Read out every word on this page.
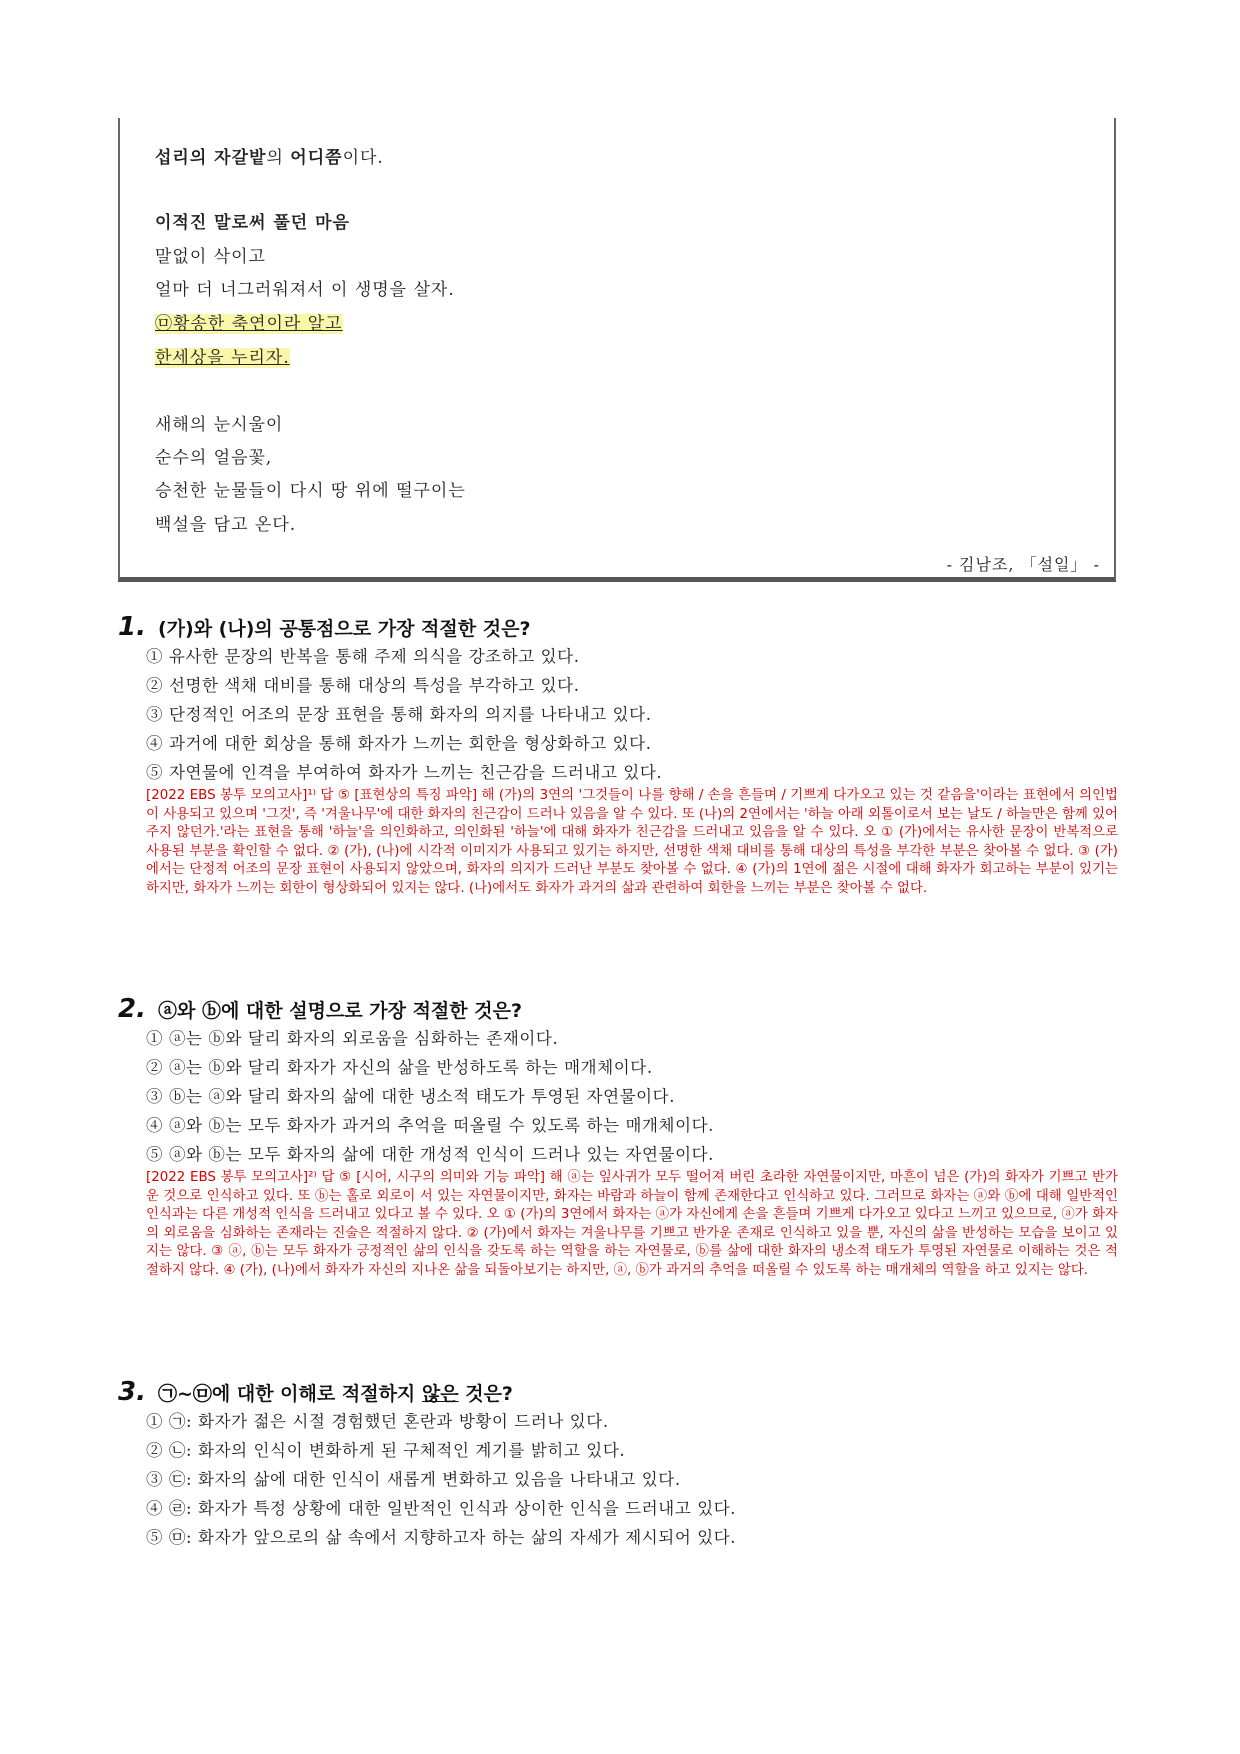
섭리의 자갈밭의 어디쯤이다.
이적진 말로써 풀던 마음
말없이 삭이고
얼마 더 너그러워져서 이 생명을 살자.
㉤황송한 축연이라 알고
한세상을 누리자.
새해의 눈시울이
순수의 얼음꽃,
승천한 눈물들이 다시 땅 위에 떨구이는
백설을 담고 온다.
- 김남조, 「설일」 -
1. (가)와 (나)의 공통점으로 가장 적절한 것은?
① 유사한 문장의 반복을 통해 주제 의식을 강조하고 있다.
② 선명한 색채 대비를 통해 대상의 특성을 부각하고 있다.
③ 단정적인 어조의 문장 표현을 통해 화자의 의지를 나타내고 있다.
④ 과거에 대한 회상을 통해 화자가 느끼는 회한을 형상화하고 있다.
⑤ 자연물에 인격을 부여하여 화자가 느끼는 친근감을 드러내고 있다.
[2022 EBS 봉투 모의고사]¹⁾ 답 ⑤ [표현상의 특징 파악] 해 (가)의 3연의 '그것들이 나를 향해 / 손을 흔들며 / 기쁘게 다가오고 있는 것 같음을'이라는 표현에서 의인법이 사용되고 있으며 '그것', 즉 '겨울나무'에 대한 화자의 친근감이 드러나 있음을 알 수 있다. 또 (나)의 2연에서는 '하늘 아래 외톨이로서 보는 날도 / 하늘만은 함께 있어 주지 않던가.'라는 표현을 통해 '하늘'을 의인화하고, 의인화된 '하늘'에 대해 화자가 친근감을 드러내고 있음을 알 수 있다. 오 ① (가)에서는 유사한 문장이 반복적으로 사용된 부분을 확인할 수 없다. ② (가), (나)에 시각적 이미지가 사용되고 있기는 하지만, 선명한 색채 대비를 통해 대상의 특성을 부각한 부분은 찾아볼 수 없다. ③ (가)에서는 단정적 어조의 문장 표현이 사용되지 않았으며, 화자의 의지가 드러난 부분도 찾아볼 수 없다. ④ (가)의 1연에 젊은 시절에 대해 화자가 회고하는 부분이 있기는 하지만, 화자가 느끼는 회한이 형상화되어 있지는 않다. (나)에서도 화자가 과거의 삶과 관련하여 회한을 느끼는 부분은 찾아볼 수 없다.
2. ⓐ와 ⓑ에 대한 설명으로 가장 적절한 것은?
① ⓐ는 ⓑ와 달리 화자의 외로움을 심화하는 존재이다.
② ⓐ는 ⓑ와 달리 화자가 자신의 삶을 반성하도록 하는 매개체이다.
③ ⓑ는 ⓐ와 달리 화자의 삶에 대한 냉소적 태도가 투영된 자연물이다.
④ ⓐ와 ⓑ는 모두 화자가 과거의 추억을 떠올릴 수 있도록 하는 매개체이다.
⑤ ⓐ와 ⓑ는 모두 화자의 삶에 대한 개성적 인식이 드러나 있는 자연물이다.
[2022 EBS 봉투 모의고사]²⁾ 답 ⑤ [시어, 시구의 의미와 기능 파악] 해 ⓐ는 잎사귀가 모두 떨어져 버린 초라한 자연물이지만, 마흔이 넘은 (가)의 화자가 기쁘고 반가운 것으로 인식하고 있다. 또 ⓑ는 홀로 외로이 서 있는 자연물이지만, 화자는 바람과 하늘이 함께 존재한다고 인식하고 있다. 그러므로 화자는 ⓐ와 ⓑ에 대해 일반적인 인식과는 다른 개성적 인식을 드러내고 있다고 볼 수 있다. 오 ① (가)의 3연에서 화자는 ⓐ가 자신에게 손을 흔들며 기쁘게 다가오고 있다고 느끼고 있으므로, ⓐ가 화자의 외로움을 심화하는 존재라는 진술은 적절하지 않다. ② (가)에서 화자는 겨울나무를 기쁘고 반가운 존재로 인식하고 있을 뿐, 자신의 삶을 반성하는 모습을 보이고 있지는 않다. ③ ⓐ, ⓑ는 모두 화자가 긍정적인 삶의 인식을 갖도록 하는 역할을 하는 자연물로, ⓑ를 삶에 대한 화자의 냉소적 태도가 투영된 자연물로 이해하는 것은 적절하지 않다. ④ (가), (나)에서 화자가 자신의 지나온 삶을 되돌아보기는 하지만, ⓐ, ⓑ가 과거의 추억을 떠올릴 수 있도록 하는 매개체의 역할을 하고 있지는 않다.
3. ㉠~㉤에 대한 이해로 적절하지 않은 것은?
① ㉠: 화자가 젊은 시절 경험했던 혼란과 방황이 드러나 있다.
② ㉡: 화자의 인식이 변화하게 된 구체적인 계기를 밝히고 있다.
③ ㉢: 화자의 삶에 대한 인식이 새롭게 변화하고 있음을 나타내고 있다.
④ ㉣: 화자가 특정 상황에 대한 일반적인 인식과 상이한 인식을 드러내고 있다.
⑤ ㉤: 화자가 앞으로의 삶 속에서 지향하고자 하는 삶의 자세가 제시되어 있다.
